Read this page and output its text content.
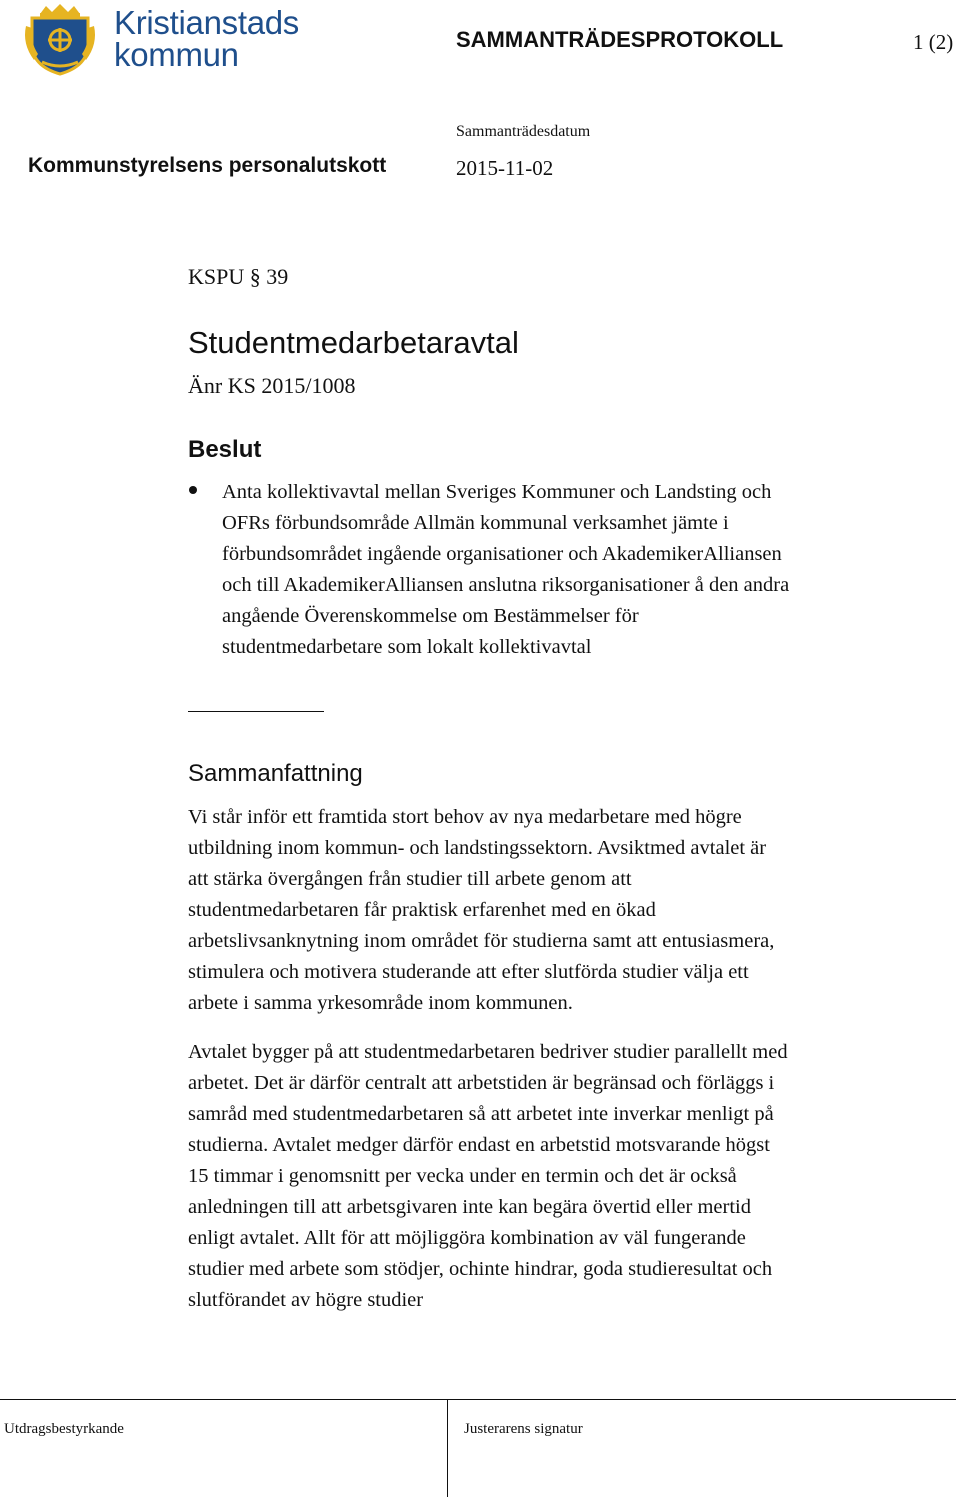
Kristianstads
kommun	SAMMANTRÄDESPROTOKOLL	1 (2)
Sammanträdesdatum
Kommunstyrelsens personalutskott	2015-11-02
KSPU § 39
Studentmedarbetaravtal
Änr KS 2015/1008
Beslut
Anta kollektivavtal mellan Sveriges Kommuner och Landsting och
OFRs förbundsområde Allmän kommunal verksamhet jämte i
förbundsområdet ingående organisationer och AkademikerAlliansen
och till AkademikerAlliansen anslutna riksorganisationer å den andra
angående Överenskommelse om Bestämmelser för
studentmedarbetare som lokalt kollektivavtal
Sammanfattning
Vi står inför ett framtida stort behov av nya medarbetare med högre
utbildning inom kommun- och landstingssektorn. Avsiktmed avtalet är
att stärka övergången från studier till arbete genom att
studentmedarbetaren får praktisk erfarenhet med en ökad
arbetslivsanknytning inom området för studierna samt att entusiasmera,
stimulera och motivera studerande att efter slutförda studier välja ett
arbete i samma yrkesområde inom kommunen.
Avtalet bygger på att studentmedarbetaren bedriver studier parallellt med
arbetet. Det är därför centralt att arbetstiden är begränsad och förläggs i
samråd med studentmedarbetaren så att arbetet inte inverkar menligt på
studierna. Avtalet medger därför endast en arbetstid motsvarande högst
15 timmar i genomsnitt per vecka under en termin och det är också
anledningen till att arbetsgivaren inte kan begära övertid eller mertid
enligt avtalet. Allt för att möjliggöra kombination av väl fungerande
studier med arbete som stödjer, ochinte hindrar, goda studieresultat och
slutförandet av högre studier
Utdragsbestyrkande	Justerarens signatur
